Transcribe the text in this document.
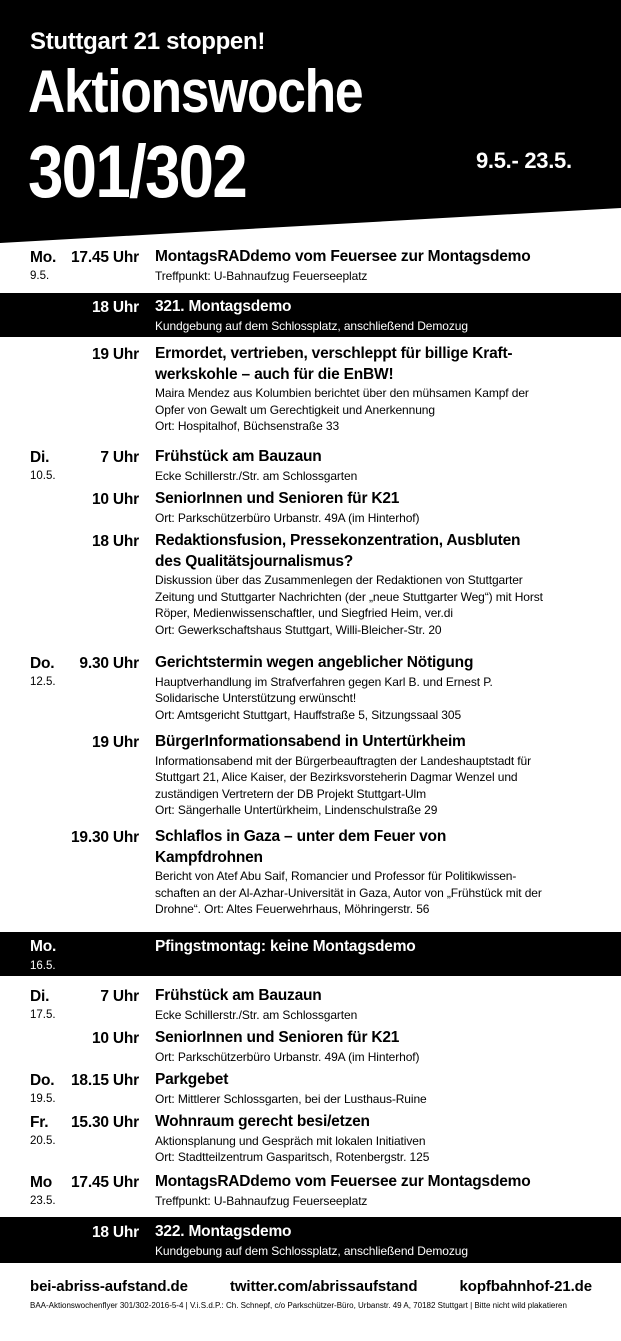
Stuttgart 21 stoppen!
Aktionswoche
301/302	9.5.- 23.5.
Mo.
9.5.
17.45 Uhr MontagsRADdemo vom Feuersee zur Montagsdemo
Treffpunkt: U-Bahnaufzug Feuerseeplatz
18 Uhr 321. Montagsdemo
Kundgebung auf dem Schlossplatz, anschließend Demozug
19 Uhr Ermordet, vertrieben, verschleppt für billige Kraft-
werkskohle – auch für die EnBW!
Maira Mendez aus Kolumbien berichtet über den mühsamen Kampf der
Opfer von Gewalt um Gerechtigkeit und Anerkennung
Ort: Hospitalhof, Büchsenstraße 33
Di.
10.5.
7 Uhr Frühstück am Bauzaun
Ecke Schillerstr./Str. am Schlossgarten
10 Uhr SeniorInnen und Senioren für K21
Ort: Parkschützerbüro Urbanstr. 49A (im Hinterhof)
18 Uhr Redaktionsfusion, Pressekonzentration, Ausbluten
des Qualitätsjournalismus?
Diskussion über das Zusammenlegen der Redaktionen von Stuttgarter
Zeitung und Stuttgarter Nachrichten (der „neue Stuttgarter Weg“) mit Horst
Röper, Medienwissenschaftler, und Siegfried Heim, ver.di
Ort: Gewerkschaftshaus Stuttgart, Willi-Bleicher-Str. 20
Do.
12.5.
9.30 Uhr Gerichtstermin wegen angeblicher Nötigung
Hauptverhandlung im Strafverfahren gegen Karl B. und Ernest P.
Solidarische Unterstützung erwünscht!
Ort: Amtsgericht Stuttgart, Hauffstraße 5, Sitzungssaal 305
19 Uhr BürgerInformationsabend in Untertürkheim
Informationsabend mit der Bürgerbeauftragten der Landeshauptstadt für
Stuttgart 21, Alice Kaiser, der Bezirksvorsteherin Dagmar Wenzel und
zuständigen Vertretern der DB Projekt Stuttgart-Ulm
Ort: Sängerhalle Untertürkheim, Lindenschulstraße 29
19.30 Uhr Schlaflos in Gaza – unter dem Feuer von
Kampfdrohnen
Bericht von Atef Abu Saif, Romancier und Professor für Politikwissen-
schaften an der Al-Azhar-Universität in Gaza, Autor von „Frühstück mit der
Drohne“. Ort: Altes Feuerwehrhaus, Möhringerstr. 56
Mo.
16.5.
Pfingstmontag: keine Montagsdemo
Di.
17.5.
7 Uhr Frühstück am Bauzaun
Ecke Schillerstr./Str. am Schlossgarten
10 Uhr SeniorInnen und Senioren für K21
Ort: Parkschützerbüro Urbanstr. 49A (im Hinterhof)
Do.
19.5.
18.15 Uhr Parkgebet
Ort: Mittlerer Schlossgarten, bei der Lusthaus-Ruine
Fr.
20.5.
15.30 Uhr Wohnraum gerecht besi/etzen
Aktionsplanung und Gespräch mit lokalen Initiativen
Ort: Stadtteilzentrum Gasparitsch, Rotenbergstr. 125
Mo
23.5.
17.45 Uhr MontagsRADdemo vom Feuersee zur Montagsdemo
Treffpunkt: U-Bahnaufzug Feuerseeplatz
18 Uhr 322. Montagsdemo
Kundgebung auf dem Schlossplatz, anschließend Demozug
bei-abriss-aufstand.de	twitter.com/abrissaufstand	kopfbahnhof-21.de
BAA-Aktionswochenflyer 301/302-2016-5-4 | V.i.S.d.P.: Ch. Schnepf, c/o Parkschützer-Büro, Urbanstr. 49 A, 70182 Stuttgart | Bitte nicht wild plakatieren
